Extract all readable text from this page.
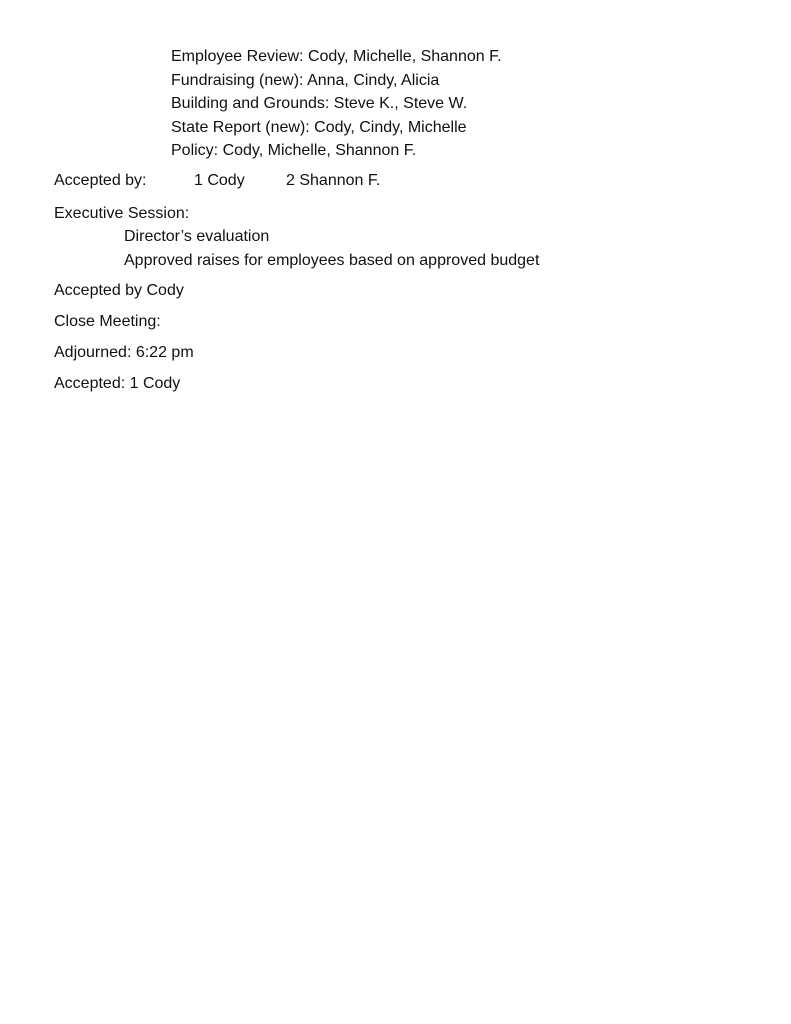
Employee Review: Cody, Michelle, Shannon F.
Fundraising (new): Anna, Cindy, Alicia
Building and Grounds: Steve K., Steve W.
State Report (new): Cody, Cindy, Michelle
Policy: Cody, Michelle, Shannon F.
Accepted by:	1 Cody	2 Shannon F.
Executive Session:
Director’s evaluation
Approved raises for employees based on approved budget
Accepted by Cody
Close Meeting:
Adjourned: 6:22 pm
Accepted: 1 Cody
